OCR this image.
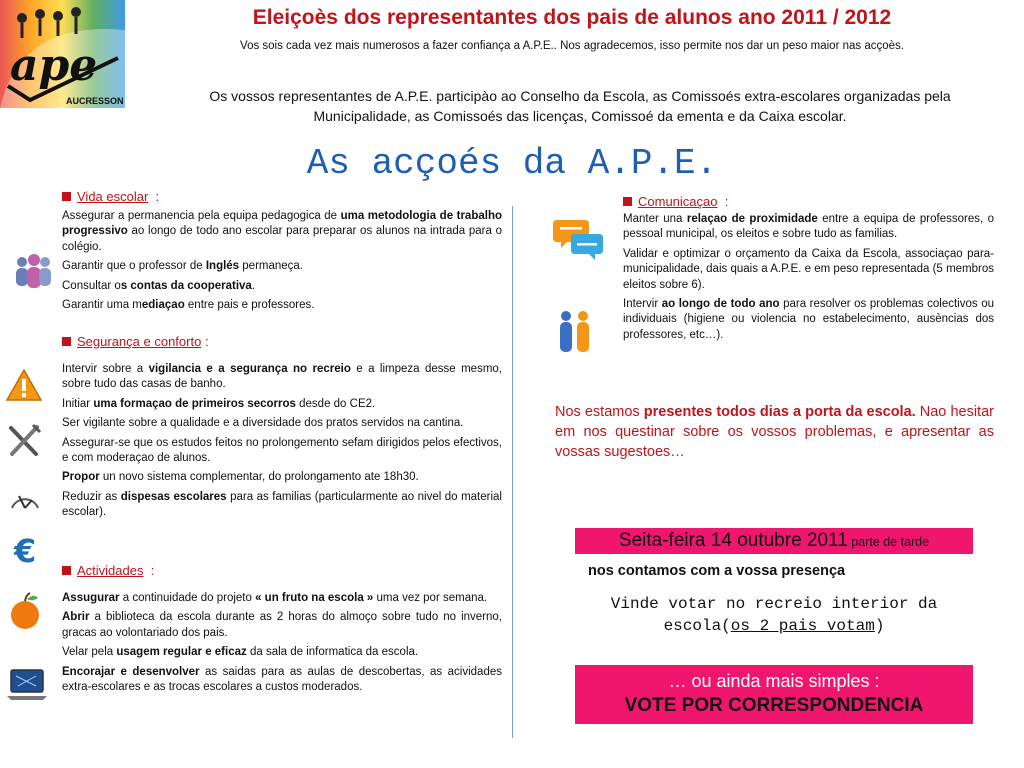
ape
AUCRESSON
Eleiçoès dos representantes dos pais de alunos ano 2011 / 2012
Vos sois cada vez mais numerosos a fazer confiança a A.P.E.. Nos agradecemos, isso permite nos dar un peso maior nas acçoès.
Os vossos representantes de A.P.E. participào ao Conselho da Escola, as Comissoés extra-escolares organizadas pela Municipalidade, as Comissoés das licenças, Comissoé da ementa e da Caixa escolar.
As acçoés da A.P.E.
€
Vida escolar :

Assegurar a permanencia pela equipa pedagogica de uma metodologia de trabalho progressivo ao longo de todo ano escolar para preparar os alunos na intrada para o colégio.

Garantir que o professor de Inglés permaneça.

Consultar os contas da cooperativa.

Garantir uma mediaçao entre pais e professores.

Segurança e conforto :

Intervir sobre a vigilancia e a segurança no recreio e a limpeza desse mesmo, sobre tudo das casas de banho.

Initiar uma formaçao de primeiros secorros desde do CE2.

Ser vigilante sobre a qualidade e a diversidade dos pratos servidos na cantina.

Assegurar-se que os estudos feitos no prolongemento sefam dirigidos pelos efectivos, e com moderaçao de alunos.

Propor un novo sistema complementar, do prolongamento ate 18h30.

Reduzir as dispesas escolares para as familias (particularmente ao nivel do material escolar).

Actividades :

Assugurar a continuidade do projeto « un fruto na escola » uma vez por semana.

Abrir a biblioteca da escola durante as 2 horas do almoço sobre tudo no inverno, gracas ao volontariado dos pais.

Velar pela usagem regular e eficaz da sala de informatica da escola.

Encorajar e desenvolver as saidas para as aulas de descobertas, as acividades extra-escolares e as trocas escolares a custos moderados.

Comunicaçao :

Manter una relaçao de proximidade entre a equipa de professores, o pessoal municipal, os eleitos e sobre tudo as familias.

Validar e optimizar o orçamento da Caixa da Escola, associaçao para-municipalidade, dais quais a A.P.E. e em peso representada (5 membros eleitos sobre 6).

Intervir ao longo de todo ano para resolver os problemas colectivos ou individuais (higiene ou violencia no estabelecimento, ausèncias dos professores, etc…).

Nos estamos presentes todos dias a porta da escola. Nao hesitar em nos questinar sobre os vossos problemas, e apresentar as vossas sugestoes…
Seita-feira 14 outubre 2011 parte de tarde
nos contamos com a vossa presença
Vinde votar no recreio interior da escola(os 2 pais votam)
… ou ainda mais simples :
VOTE POR CORRESPONDENCIA
